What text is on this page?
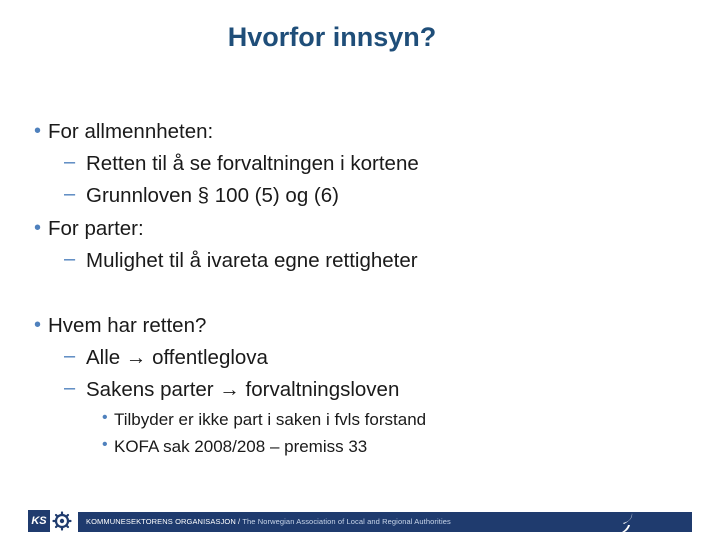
Hvorfor innsyn?
• For allmennheten:
– Retten til å se forvaltningen i kortene
– Grunnloven § 100 (5) og (6)
• For parter:
– Mulighet til å ivareta egne rettigheter
• Hvem har retten?
– Alle → offentleglova
– Sakens parter → forvaltningsloven
• Tilbyder er ikke part i saken i fvls forstand
• KOFA sak 2008/208 – premiss 33
KS	KOMMUNESEKTORENS ORGANISASJON / The Norwegian Association of Local and Regional Authorities
